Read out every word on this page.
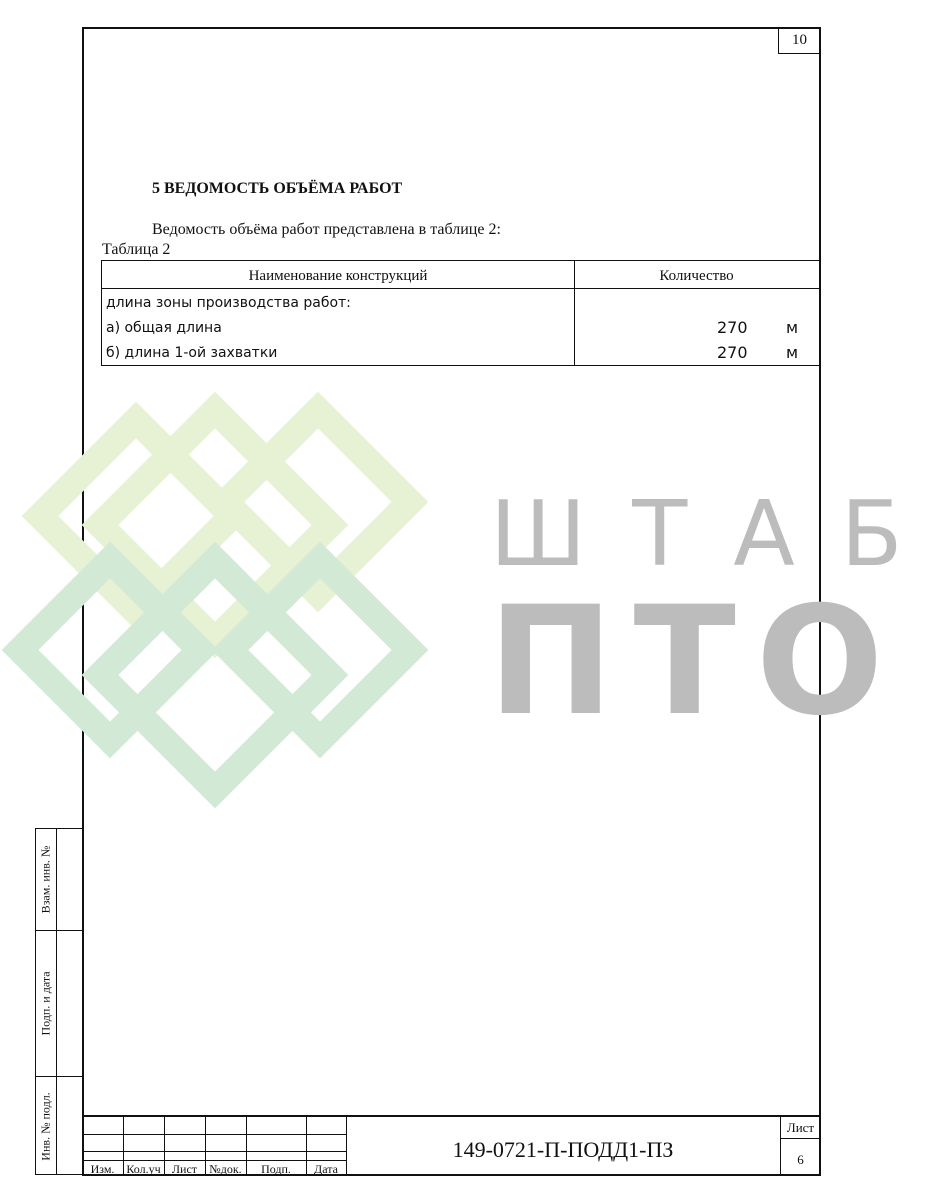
10
ШТАБ
ПТО
5 ВЕДОМОСТЬ ОБЪЁМА РАБОТ
Ведомость объёма работ представлена в таблице 2:
Таблица 2
Наименование конструкций	Количество
длина зоны производства работ:
а) общая длина	270 м
б) длина 1-ой захватки	270 м
Взам. инв. №
Подп. и дата
Инв. № подл.
Изм. Кол.уч Лист	№док.	Подп.	Дата
149-0721-П-ПОДД1-ПЗ
Лист
6
